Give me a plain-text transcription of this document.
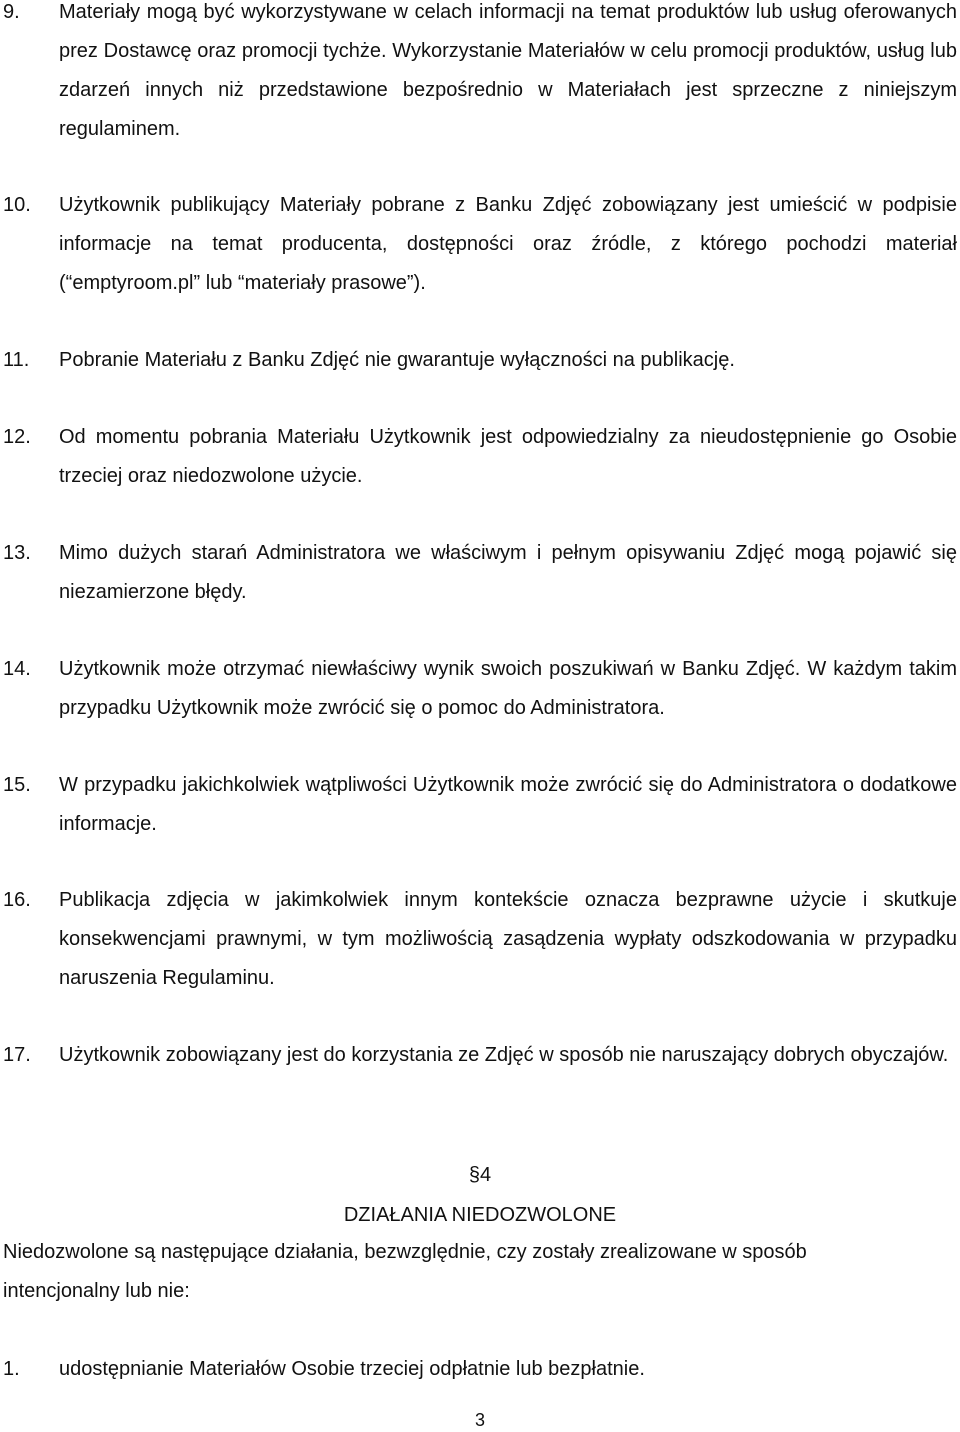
9. Materiały mogą być wykorzystywane w celach informacji na temat produktów lub usług oferowanych prez Dostawcę oraz promocji tychże. Wykorzystanie Materiałów w celu promocji produktów, usług lub zdarzeń innych niż przedstawione bezpośrednio w Materiałach jest sprzeczne z niniejszym regulaminem.
10. Użytkownik publikujący Materiały pobrane z Banku Zdjęć zobowiązany jest umieścić w podpisie informacje na temat producenta, dostępności oraz źródle, z którego pochodzi materiał (“emptyroom.pl” lub “materiały prasowe”).
11. Pobranie Materiału z Banku Zdjęć nie gwarantuje wyłączności na publikację.
12. Od momentu pobrania Materiału Użytkownik jest odpowiedzialny za nieudostępnienie go Osobie trzeciej oraz niedozwolone użycie.
13. Mimo dużych starań Administratora we właściwym i pełnym opisywaniu Zdjęć mogą pojawić się niezamierzone błędy.
14. Użytkownik może otrzymać niewłaściwy wynik swoich poszukiwań w Banku Zdjęć. W każdym takim przypadku Użytkownik może zwrócić się o pomoc do Administratora.
15. W przypadku jakichkolwiek wątpliwości Użytkownik może zwrócić się do Administratora o dodatkowe informacje.
16. Publikacja zdjęcia w jakimkolwiek innym kontekście oznacza bezprawne użycie i skutkuje konsekwencjami prawnymi, w tym możliwością zasądzenia wypłaty odszkodowania w przypadku naruszenia Regulaminu.
17. Użytkownik zobowiązany jest do korzystania ze Zdjęć w sposób nie naruszający dobrych obyczajów.
§4
DZIAŁANIA NIEDOZWOLONE
Niedozwolone są następujące działania, bezwzględnie, czy zostały zrealizowane w sposób intencjonalny lub nie:
1. udostępnianie Materiałów Osobie trzeciej odpłatnie lub bezpłatnie.
3
